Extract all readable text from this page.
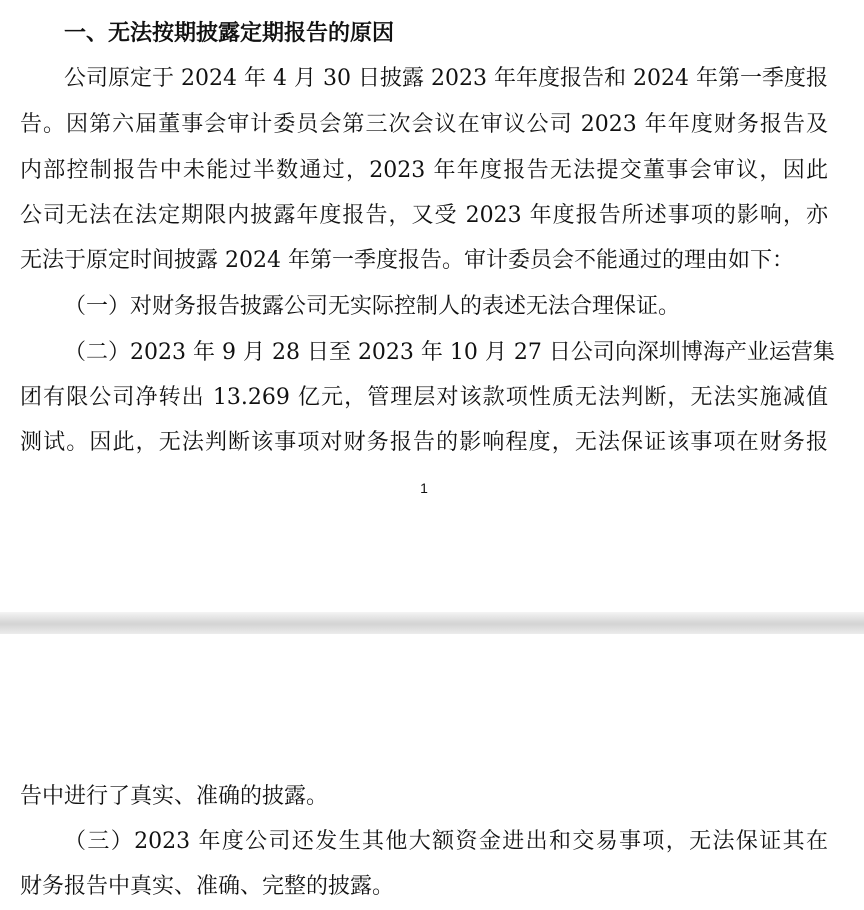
一、无法按期披露定期报告的原因
公司原定于 2024 年 4 月 30 日披露 2023 年年度报告和 2024 年第一季度报
告。因第六届董事会审计委员会第三次会议在审议公司 2023 年年度财务报告及
内部控制报告中未能过半数通过，2023 年年度报告无法提交董事会审议，因此
公司无法在法定期限内披露年度报告，又受 2023 年度报告所述事项的影响，亦
无法于原定时间披露 2024 年第一季度报告。审计委员会不能通过的理由如下：
（一）对财务报告披露公司无实际控制人的表述无法合理保证。
（二）2023 年 9 月 28 日至 2023 年 10 月 27 日公司向深圳博海产业运营集
团有限公司净转出 13.269 亿元，管理层对该款项性质无法判断，无法实施减值
测试。因此，无法判断该事项对财务报告的影响程度，无法保证该事项在财务报
1
告中进行了真实、准确的披露。
（三）2023 年度公司还发生其他大额资金进出和交易事项，无法保证其在
财务报告中真实、准确、完整的披露。
